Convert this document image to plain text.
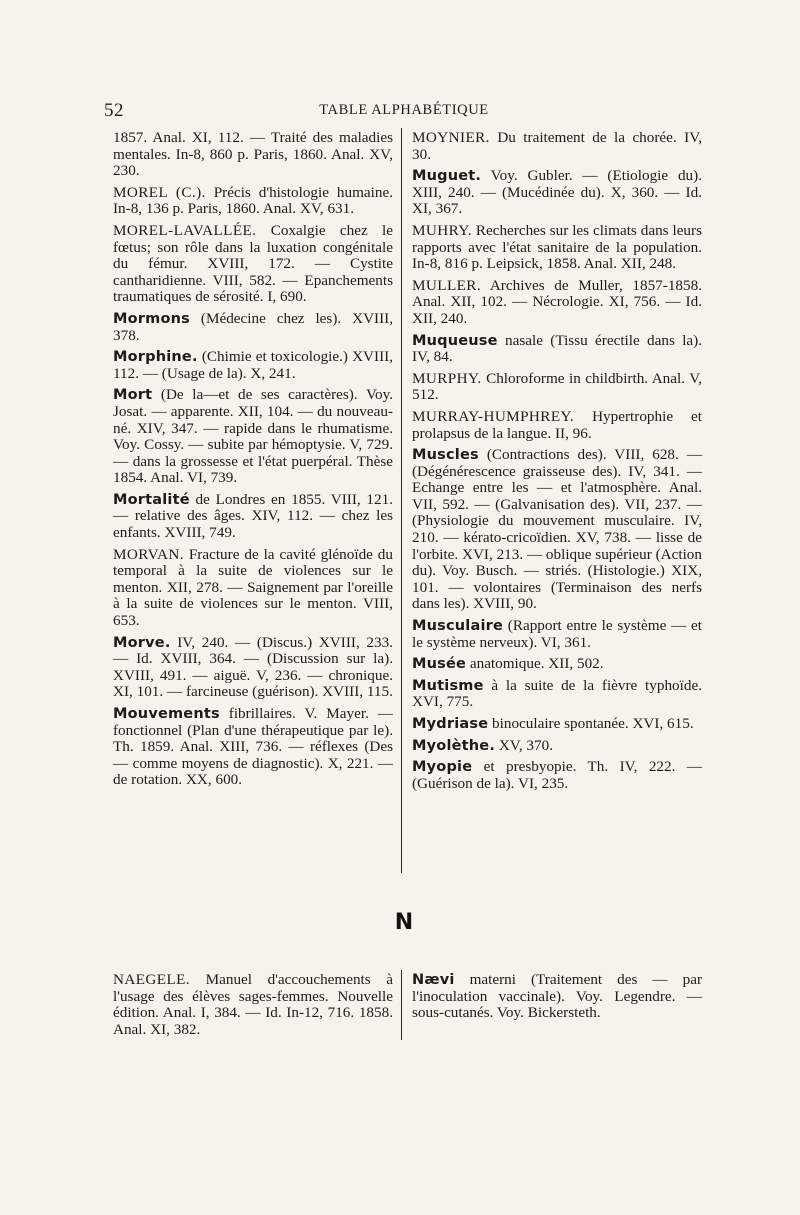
52	TABLE ALPHABÉTIQUE
1857. Anal. XI, 112. — Traité des maladies mentales. In-8, 860 p. Paris, 1860. Anal. XV, 230.
MOREL (C.). Précis d'histologie humaine. In-8, 136 p. Paris, 1860. Anal. XV, 631.
MOREL-LAVALLÉE. Coxalgie chez le fœtus; son rôle dans la luxation congénitale du fémur. XVIII, 172. — Cystite cantharidienne. VIII, 582. — Epanchements traumatiques de sérosité. I, 690.
Mormons (Médecine chez les). XVIII, 378.
Morphine. (Chimie et toxicologie.) XVIII, 112. — (Usage de la). X, 241.
Mort (De la—et de ses caractères). Voy. Josat. — apparente. XII, 104. — du nouveau-né. XIV, 347. — rapide dans le rhumatisme. Voy. Cossy. — subite par hémoptysie. V, 729. — dans la grossesse et l'état puerpéral. Thèse 1854. Anal. VI, 739.
Mortalité de Londres en 1855. VIII, 121. — relative des âges. XIV, 112. — chez les enfants. XVIII, 749.
MORVAN. Fracture de la cavité glénoïde du temporal à la suite de violences sur le menton. XII, 278. — Saignement par l'oreille à la suite de violences sur le menton. VIII, 653.
Morve. IV, 240. — (Discus.) XVIII, 233. — Id. XVIII, 364. — (Discussion sur la). XVIII, 491. — aiguë. V, 236. — chronique. XI, 101. — farcineuse (guérison). XVIII, 115.
Mouvements fibrillaires. V. Mayer. — fonctionnel (Plan d'une thérapeutique par le). Th. 1859. Anal. XIII, 736. — réflexes (Des — comme moyens de diagnostic). X, 221. — de rotation. XX, 600.
MOYNIER. Du traitement de la chorée. IV, 30.
Muguet. Voy. Gubler. — (Etiologie du). XIII, 240. — (Mucédinée du). X, 360. — Id. XI, 367.
MUHRY. Recherches sur les climats dans leurs rapports avec l'état sanitaire de la population. In-8, 816 p. Leipsick, 1858. Anal. XII, 248.
MULLER. Archives de Muller, 1857-1858. Anal. XII, 102. — Nécrologie. XI, 756. — Id. XII, 240.
Muqueuse nasale (Tissu érectile dans la). IV, 84.
MURPHY. Chloroforme in childbirth. Anal. V, 512.
MURRAY-HUMPHREY. Hypertrophie et prolapsus de la langue. II, 96.
Muscles (Contractions des). VIII, 628. — (Dégénérescence graisseuse des). IV, 341. — Echange entre les — et l'atmosphère. Anal. VII, 592. — (Galvanisation des). VII, 237. — (Physiologie du mouvement musculaire. IV, 210. — kérato-cricoïdien. XV, 738. — lisse de l'orbite. XVI, 213. — oblique supérieur (Action du). Voy. Busch. — striés. (Histologie.) XIX, 101. — volontaires (Terminaison des nerfs dans les). XVIII, 90.
Musculaire (Rapport entre le système — et le système nerveux). VI, 361.
Musée anatomique. XII, 502.
Mutisme à la suite de la fièvre typhoïde. XVI, 775.
Mydriase binoculaire spontanée. XVI, 615.
Myolèthe. XV, 370.
Myopie et presbyopie. Th. IV, 222. — (Guérison de la). VI, 235.
N
NAEGELE. Manuel d'accouchements à l'usage des élèves sages-femmes. Nouvelle édition. Anal. I, 384. — Id. In-12, 716. 1858. Anal. XI, 382.
Nævi materni (Traitement des — par l'inoculation vaccinale). Voy. Legendre. — sous-cutanés. Voy. Bickersteth.
